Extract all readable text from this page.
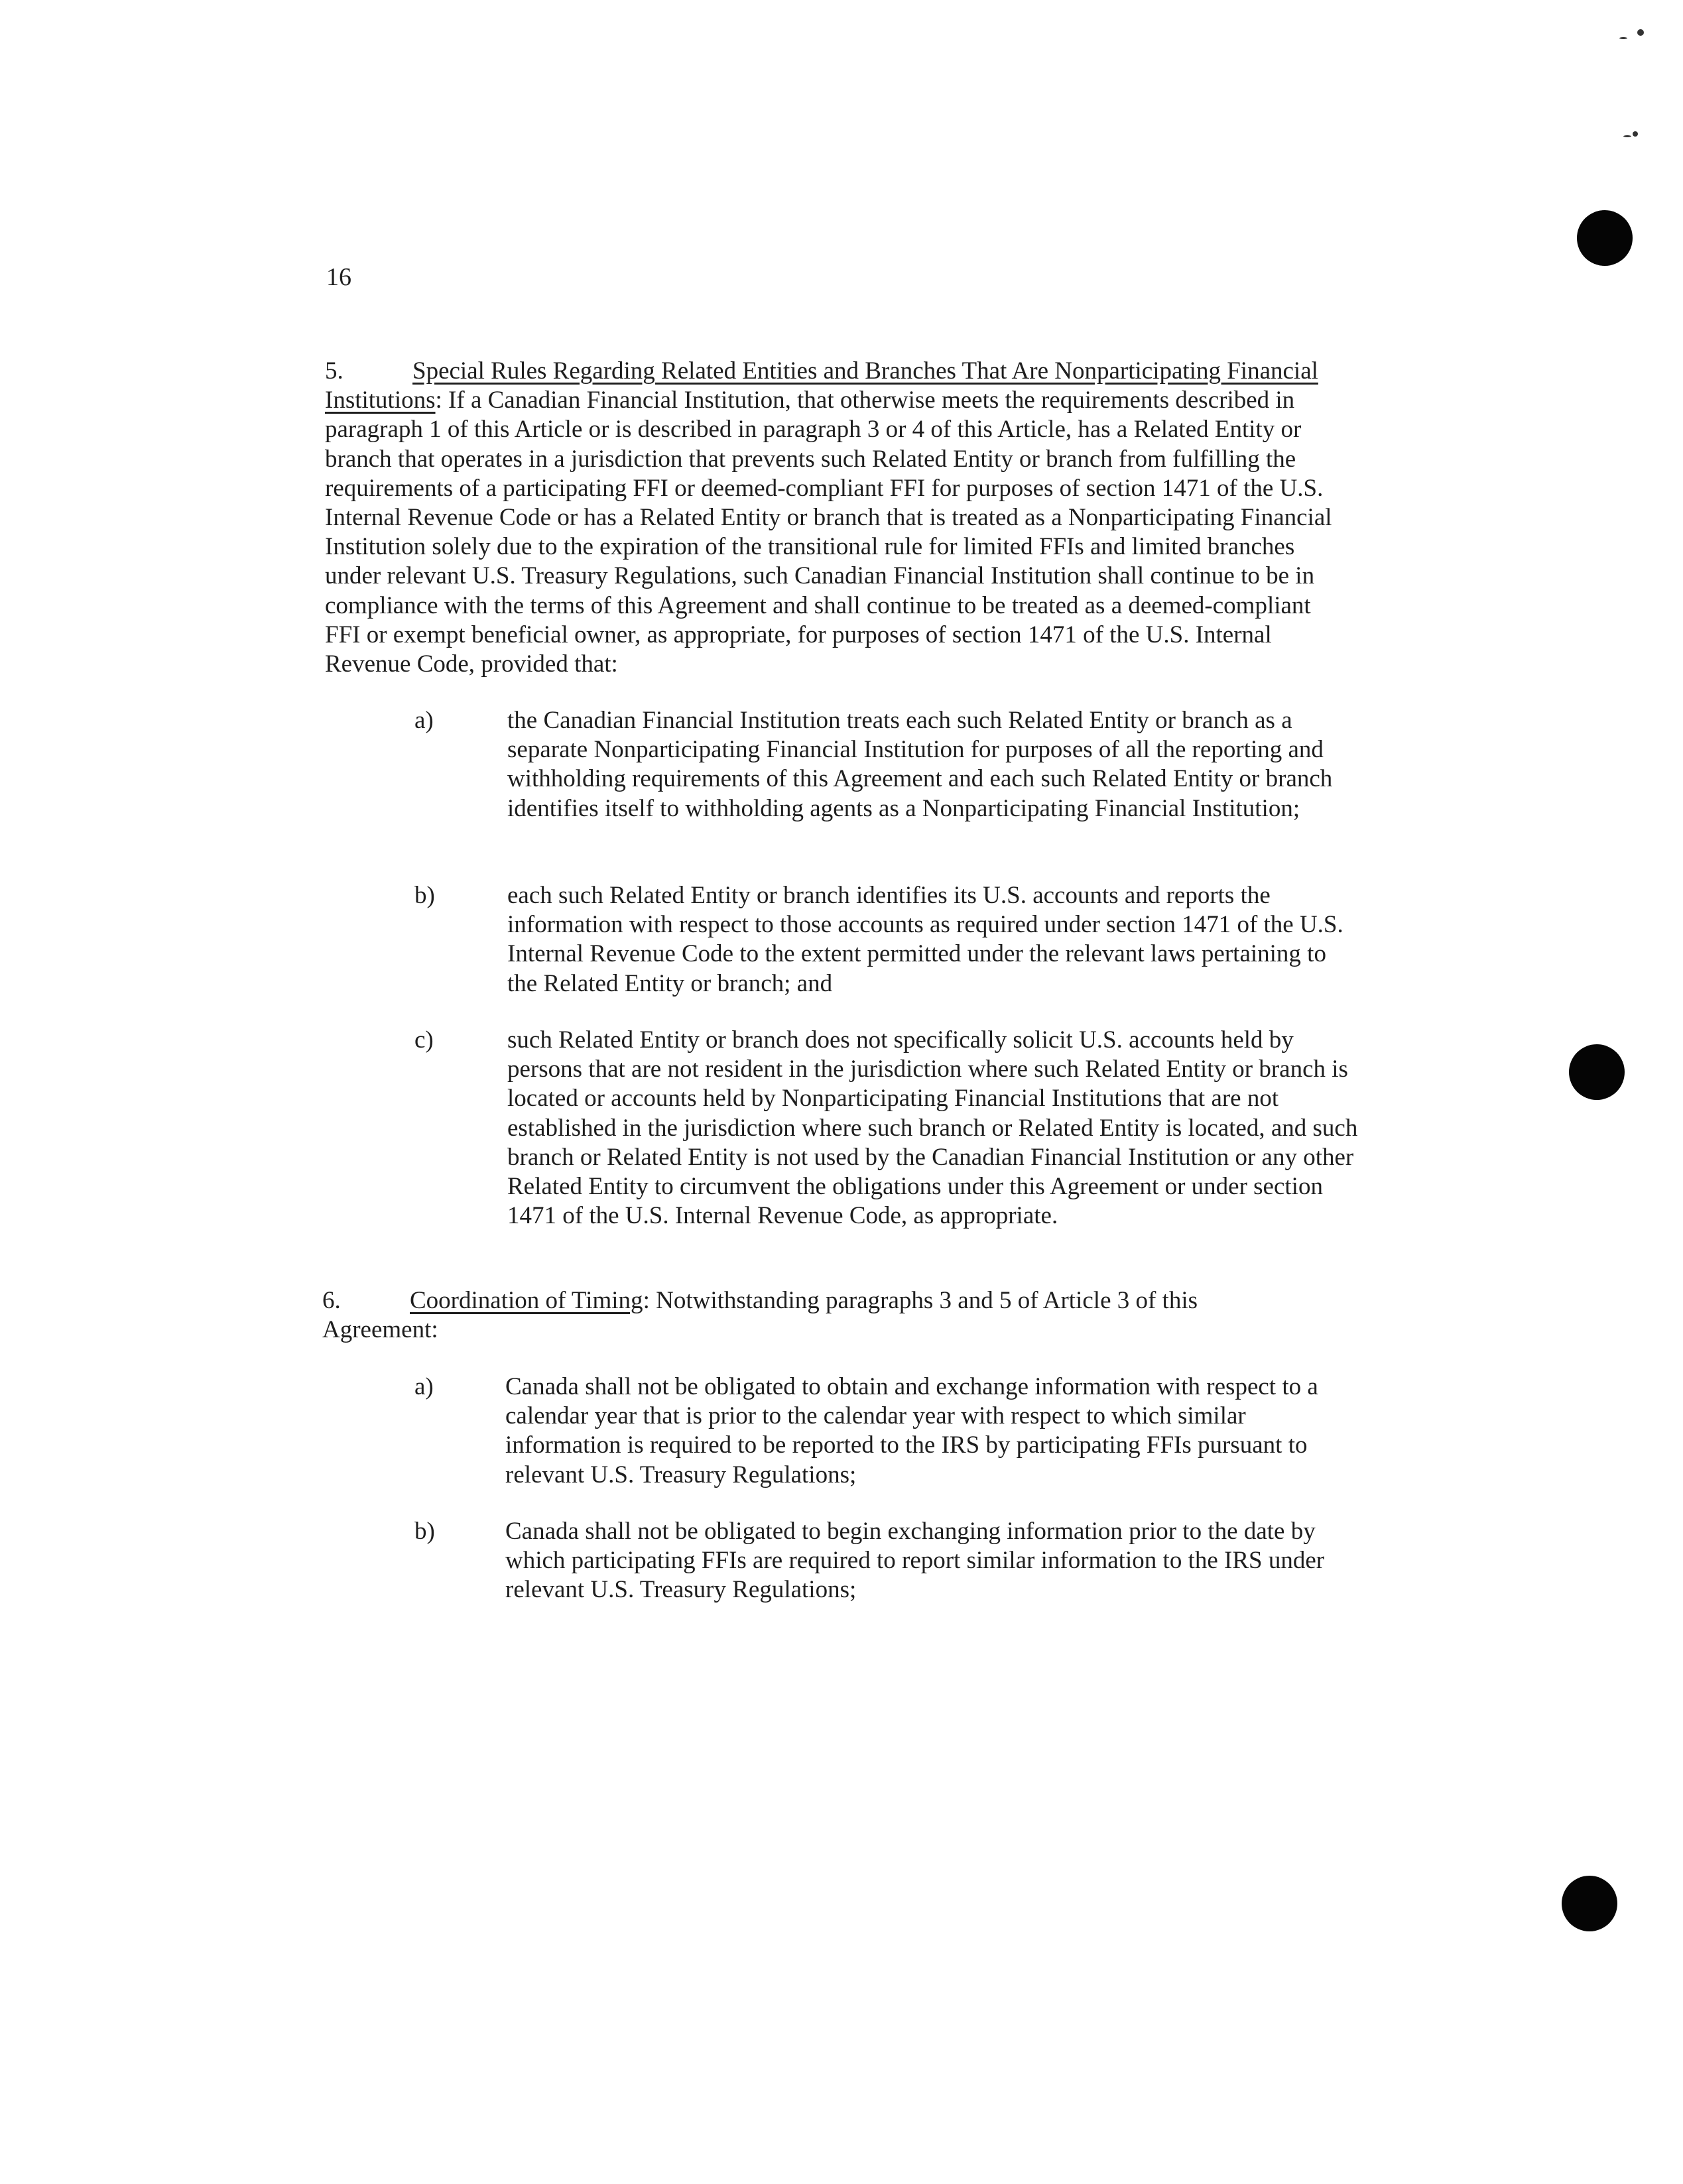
16

5.	Special Rules Regarding Related Entities and Branches That Are Nonparticipating Financial Institutions: If a Canadian Financial Institution, that otherwise meets the requirements described in paragraph 1 of this Article or is described in paragraph 3 or 4 of this Article, has a Related Entity or branch that operates in a jurisdiction that prevents such Related Entity or branch from fulfilling the requirements of a participating FFI or deemed-compliant FFI for purposes of section 1471 of the U.S. Internal Revenue Code or has a Related Entity or branch that is treated as a Nonparticipating Financial Institution solely due to the expiration of the transitional rule for limited FFIs and limited branches under relevant U.S. Treasury Regulations, such Canadian Financial Institution shall continue to be in compliance with the terms of this Agreement and shall continue to be treated as a deemed-compliant FFI or exempt beneficial owner, as appropriate, for purposes of section 1471 of the U.S. Internal Revenue Code, provided that:

a)	the Canadian Financial Institution treats each such Related Entity or branch as a separate Nonparticipating Financial Institution for purposes of all the reporting and withholding requirements of this Agreement and each such Related Entity or branch identifies itself to withholding agents as a Nonparticipating Financial Institution;
b)	each such Related Entity or branch identifies its U.S. accounts and reports the information with respect to those accounts as required under section 1471 of the U.S. Internal Revenue Code to the extent permitted under the relevant laws pertaining to the Related Entity or branch; and
c)	such Related Entity or branch does not specifically solicit U.S. accounts held by persons that are not resident in the jurisdiction where such Related Entity or branch is located or accounts held by Nonparticipating Financial Institutions that are not established in the jurisdiction where such branch or Related Entity is located, and such branch or Related Entity is not used by the Canadian Financial Institution or any other Related Entity to circumvent the obligations under this Agreement or under section 1471 of the U.S. Internal Revenue Code, as appropriate.

6.	Coordination of Timing: Notwithstanding paragraphs 3 and 5 of Article 3 of this Agreement:

a)	Canada shall not be obligated to obtain and exchange information with respect to a calendar year that is prior to the calendar year with respect to which similar information is required to be reported to the IRS by participating FFIs pursuant to relevant U.S. Treasury Regulations;
b)	Canada shall not be obligated to begin exchanging information prior to the date by which participating FFIs are required to report similar information to the IRS under relevant U.S. Treasury Regulations;
